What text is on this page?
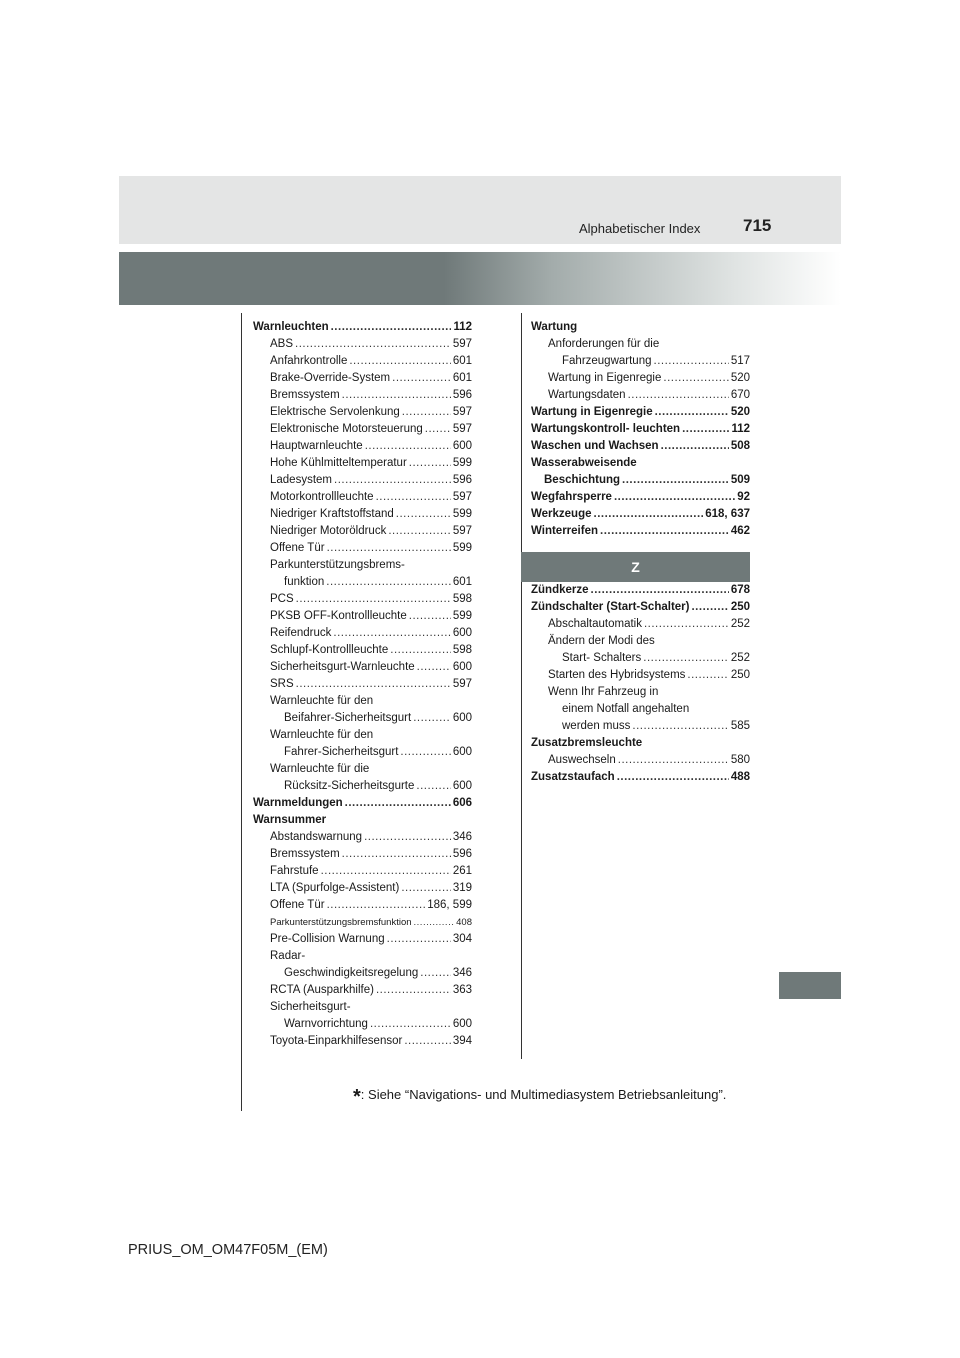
Alphabetischer Index	715
Warnleuchten .....	112
ABS .....	597
Anfahrkontrolle .....	601
Brake-Override-System .....	601
Bremssystem .....	596
Elektrische Servolenkung .....	597
Elektronische Motorsteuerung .....	597
Hauptwarnleuchte .....	600
Hohe Kühlmitteltemperatur .....	599
Ladesystem .....	596
Motorkontrollleuchte .....	597
Niedriger Kraftstoffstand .....	599
Niedriger Motoröldruck .....	597
Offene Tür .....	599
Parkunterstützungsbrems-
funktion .....	601
PCS .....	598
PKSB OFF-Kontrollleuchte .....	599
Reifendruck .....	600
Schlupf-Kontrollleuchte .....	598
Sicherheitsgurt-Warnleuchte .....	600
SRS .....	597
Warnleuchte für den
Beifahrer-Sicherheitsgurt .....	600
Warnleuchte für den
Fahrer-Sicherheitsgurt .....	600
Warnleuchte für die
Rücksitz-Sicherheitsgurte .....	600
Warnmeldungen .....	606
Warnsummer
Abstandswarnung .....	346
Bremssystem .....	596
Fahrstufe .....	261
LTA (Spurfolge-Assistent) .....	319
Offene Tür .....	186, 599
Parkunterstützungsbremsfunktion .....	408
Pre-Collision Warnung .....	304
Radar-
Geschwindigkeitsregelung .....	346
RCTA (Ausparkhilfe) .....	363
Sicherheitsgurt-
Warnvorrichtung .....	600
Toyota-Einparkhilfesensor .....	394
Wartung
Anforderungen für die
Fahrzeugwartung .....	517
Wartung in Eigenregie .....	520
Wartungsdaten .....	670
Wartung in Eigenregie .....	520
Wartungskontroll- leuchten .....	112
Waschen und Wachsen .....	508
Wasserabweisende
Beschichtung .....	509
Wegfahrsperre .....	92
Werkzeuge .....	618, 637
Winterreifen .....	462
Z
Zündkerze .....	678
Zündschalter (Start-Schalter) .....	250
Abschaltautomatik .....	252
Ändern der Modi des
Start- Schalters .....	252
Starten des Hybridsystems .....	250
Wenn Ihr Fahrzeug in
einem Notfall angehalten
werden muss .....	585
Zusatzbremsleuchte
Auswechseln .....	580
Zusatzstaufach .....	488
*: Siehe “Navigations- und Multimediasystem Betriebsanleitung”.
PRIUS_OM_OM47F05M_(EM)
